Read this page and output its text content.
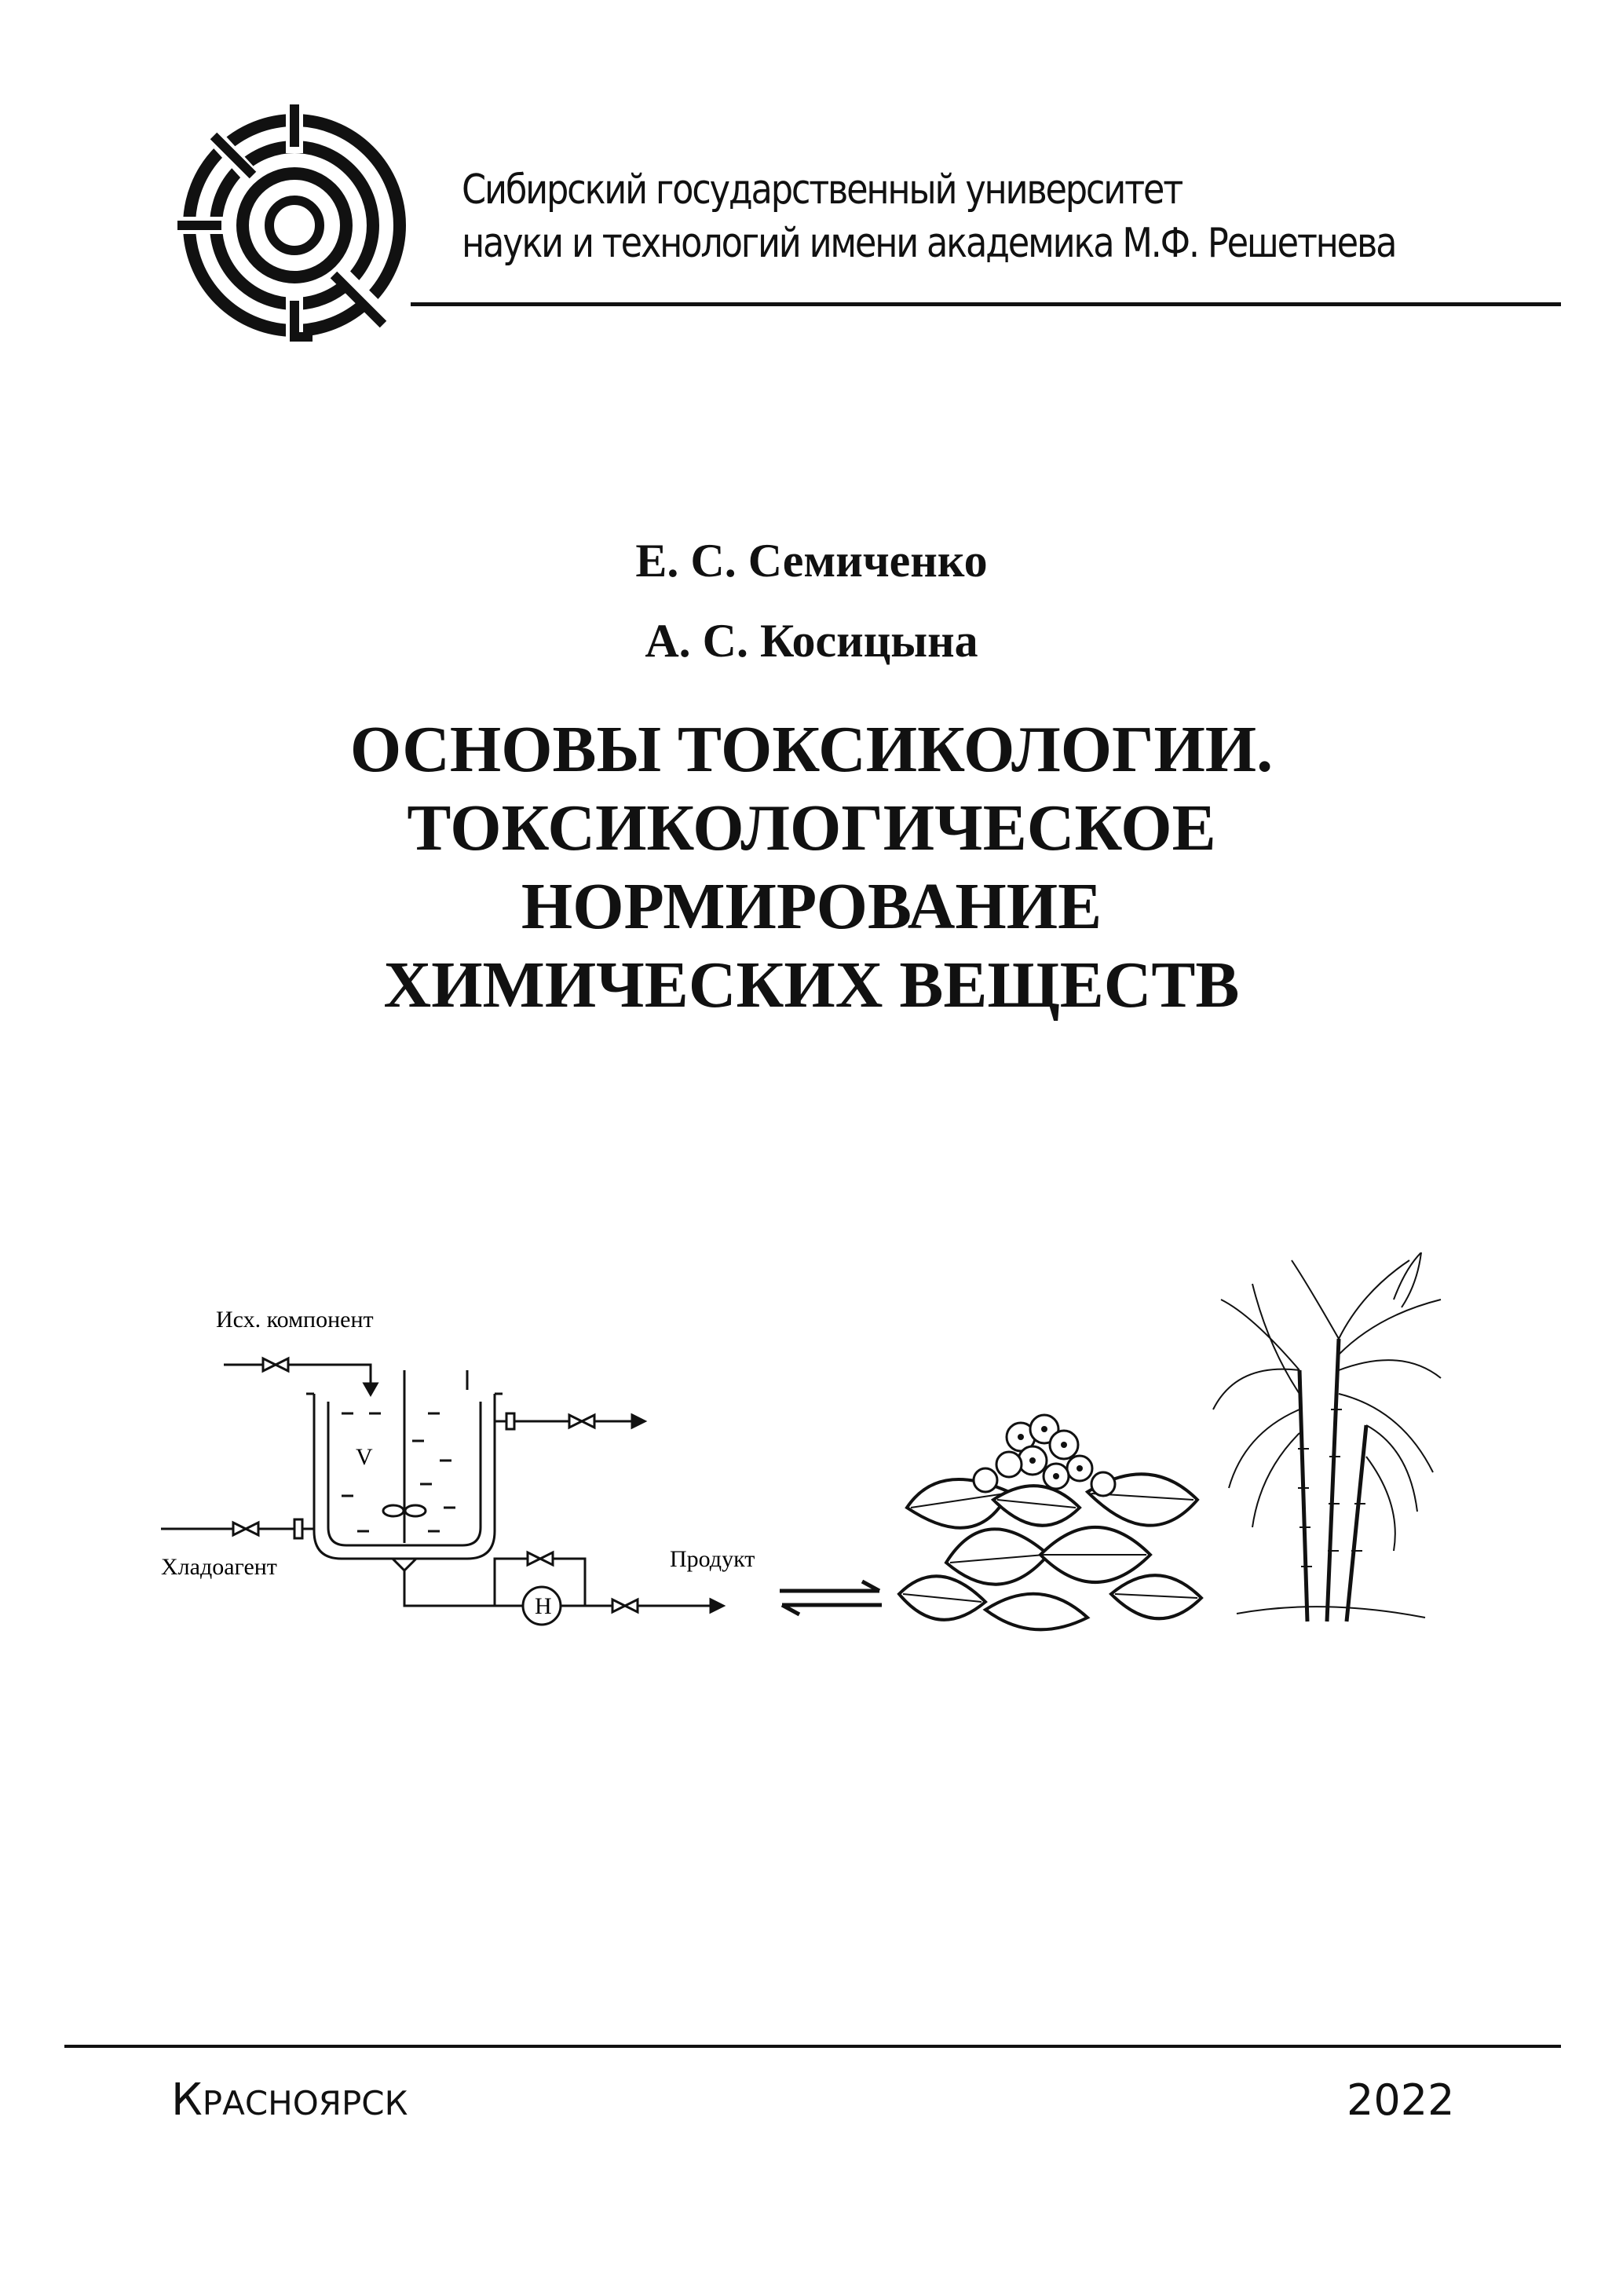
Сибирский государственный университет
науки и технологий имени академика М.Ф. Решетнева
Е. С. Семиченко
А. С. Косицына
ОСНОВЫ ТОКСИКОЛОГИИ.
ТОКСИКОЛОГИЧЕСКОЕ
НОРМИРОВАНИЕ
ХИМИЧЕСКИХ ВЕЩЕСТВ
Исх. компонент
Хладоагент	Продукт
V
Н
КРАСНОЯРСК	2022
